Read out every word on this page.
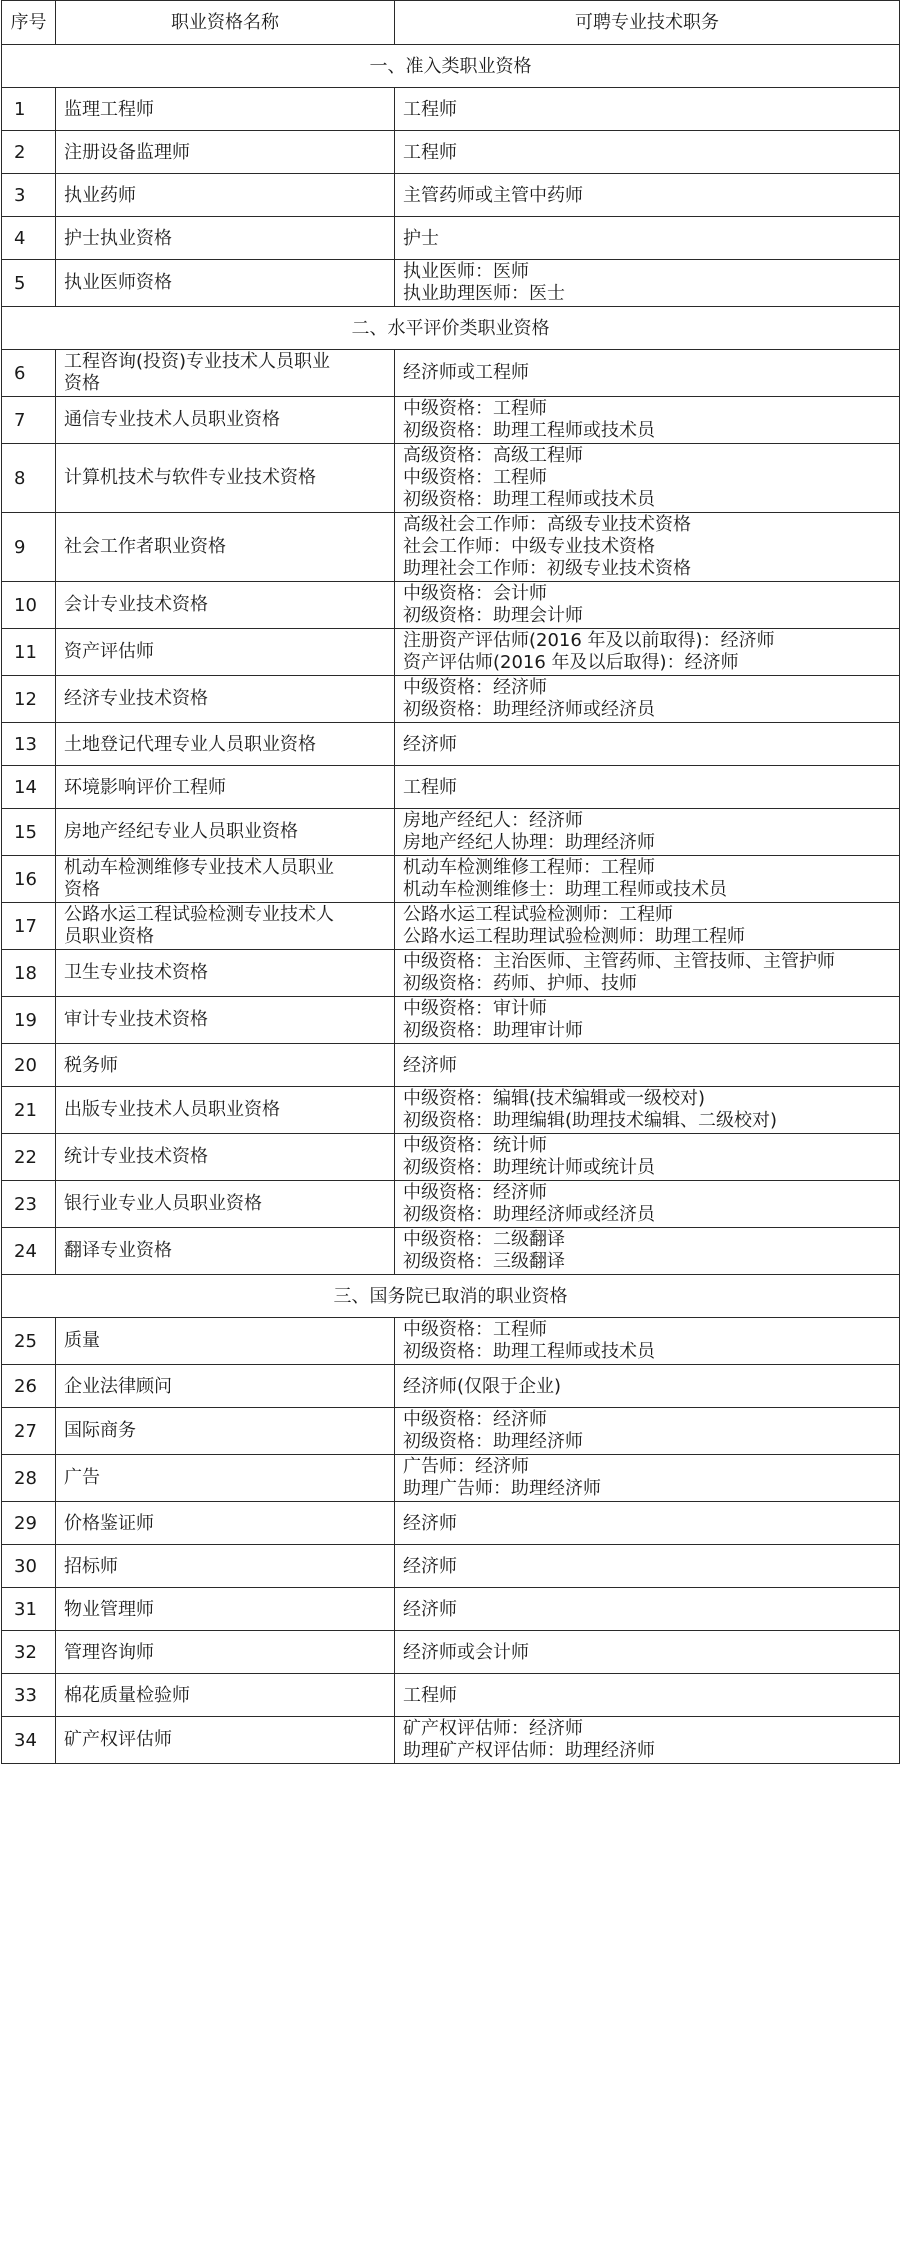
序号	职业资格名称	可聘专业技术职务
一、准入类职业资格		
1	监理工程师	工程师

2	注册设备监理师	工程师

3	执业药师	主管药师或主管中药师

4	护士执业资格	护士

5	执业医师资格	执业医师：医师
执业助理医师：医士

二、水平评价类职业资格		
6	工程咨询(投资)专业技术人员职业
资格	经济师或工程师

7	通信专业技术人员职业资格	中级资格：工程师
初级资格：助理工程师或技术员

8	计算机技术与软件专业技术资格	高级资格：高级工程师
中级资格：工程师
初级资格：助理工程师或技术员

9	社会工作者职业资格	高级社会工作师：高级专业技术资格
社会工作师：中级专业技术资格
助理社会工作师：初级专业技术资格

10	会计专业技术资格	中级资格：会计师
初级资格：助理会计师

11	资产评估师	注册资产评估师(2016 年及以前取得)：经济师
资产评估师(2016 年及以后取得)：经济师

12	经济专业技术资格	中级资格：经济师
初级资格：助理经济师或经济员

13	土地登记代理专业人员职业资格	经济师

14	环境影响评价工程师	工程师

15	房地产经纪专业人员职业资格	房地产经纪人：经济师
房地产经纪人协理：助理经济师

16	机动车检测维修专业技术人员职业
资格	机动车检测维修工程师：工程师
机动车检测维修士：助理工程师或技术员

17	公路水运工程试验检测专业技术人
员职业资格	公路水运工程试验检测师：工程师
公路水运工程助理试验检测师：助理工程师

18	卫生专业技术资格	中级资格：主治医师、主管药师、主管技师、主管护师
初级资格：药师、护师、技师

19	审计专业技术资格	中级资格：审计师
初级资格：助理审计师

20	税务师	经济师

21	出版专业技术人员职业资格	中级资格：编辑(技术编辑或一级校对)
初级资格：助理编辑(助理技术编辑、二级校对)

22	统计专业技术资格	中级资格：统计师
初级资格：助理统计师或统计员

23	银行业专业人员职业资格	中级资格：经济师
初级资格：助理经济师或经济员

24	翻译专业资格	中级资格：二级翻译
初级资格：三级翻译

三、国务院已取消的职业资格		
25	质量	中级资格：工程师
初级资格：助理工程师或技术员

26	企业法律顾问	经济师(仅限于企业)

27	国际商务	中级资格：经济师
初级资格：助理经济师

28	广告	广告师：经济师
助理广告师：助理经济师

29	价格鉴证师	经济师

30	招标师	经济师

31	物业管理师	经济师

32	管理咨询师	经济师或会计师

33	棉花质量检验师	工程师

34	矿产权评估师	矿产权评估师：经济师
助理矿产权评估师：助理经济师
